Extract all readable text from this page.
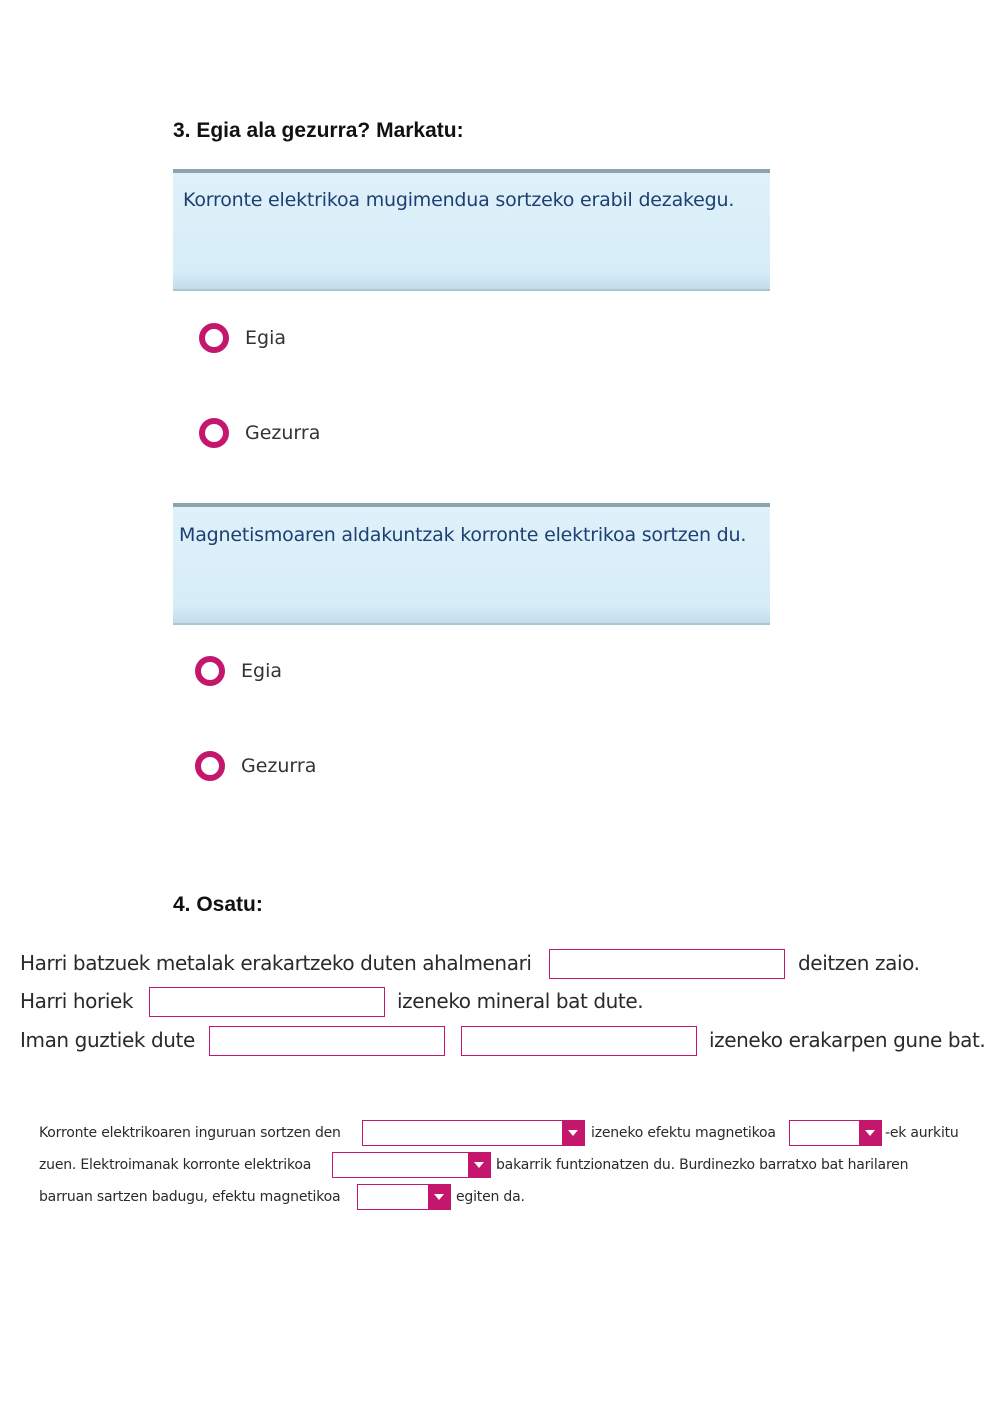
3. Egia ala gezurra? Markatu:
Korronte elektrikoa mugimendua sortzeko erabil dezakegu.
Egia
Gezurra
Magnetismoaren aldakuntzak korronte elektrikoa sortzen du.
Egia
Gezurra
4. Osatu:
Harri batzuek metalak erakartzeko duten ahalmenari	deitzen zaio.
Harri horiek	izeneko mineral bat dute.
Iman guztiek dute	izeneko erakarpen gune bat.
Korronte elektrikoaren inguruan sortzen den	izeneko efektu magnetikoa	-ek aurkitu
zuen. Elektroimanak korronte elektrikoa	bakarrik funtzionatzen du. Burdinezko barratxo bat harilaren
barruan sartzen badugu, efektu magnetikoa	egiten da.
